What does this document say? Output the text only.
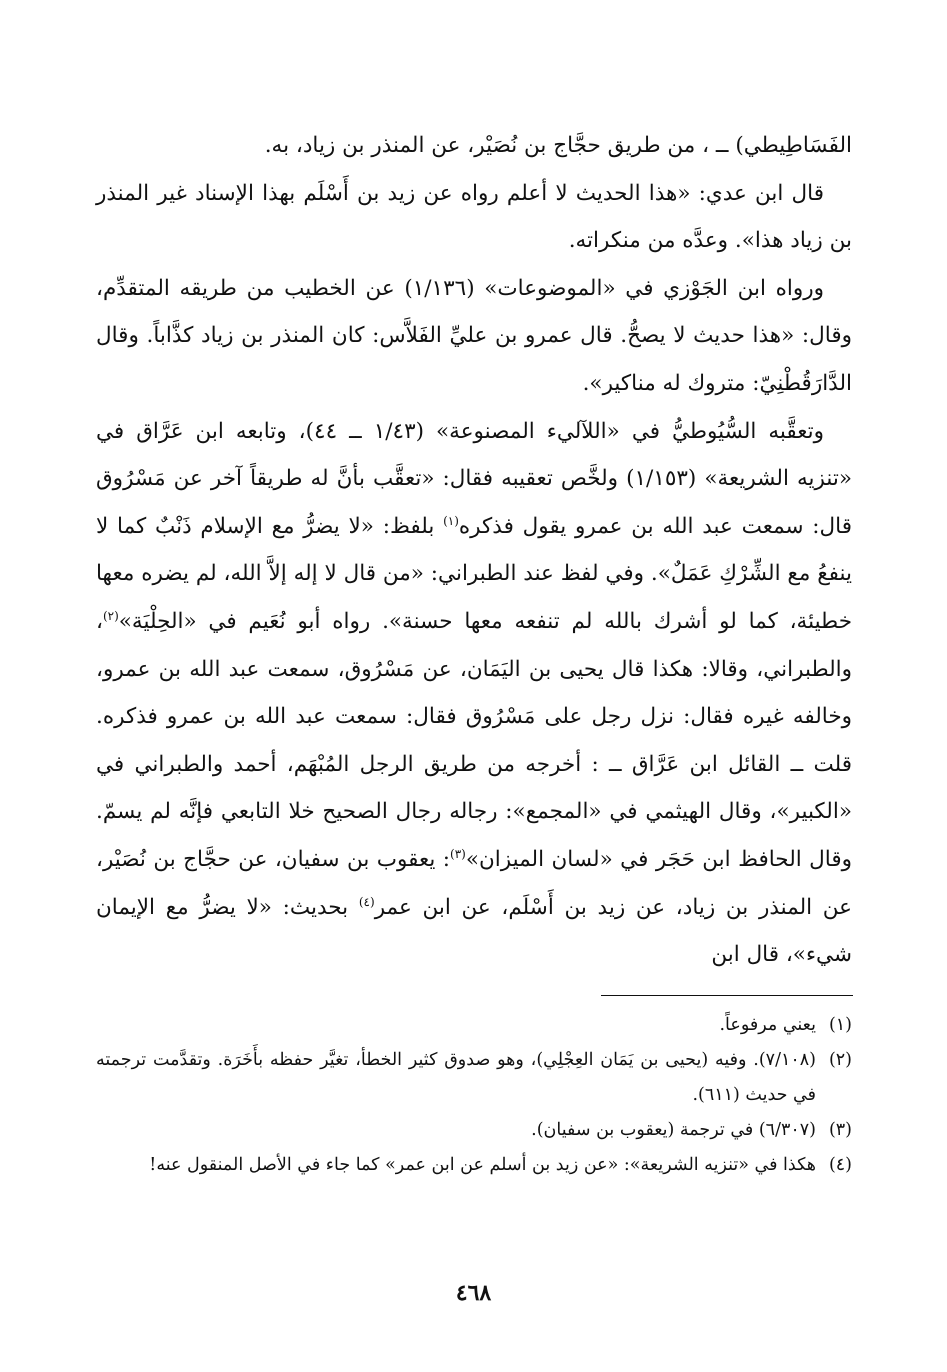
الفَسَاطِيطي) ــ ، من طريق حجَّاج بن نُصَيْر، عن المنذر بن زياد، به.

قال ابن عدي: «هذا الحديث لا أعلم رواه عن زيد بن أَسْلَم بهذا الإسناد غير المنذر بن زياد هذا». وعدَّه من منكراته.

ورواه ابن الجَوْزي في «الموضوعات» (١/١٣٦) عن الخطيب من طريقه المتقدِّم، وقال: «هذا حديث لا يصحُّ. قال عمرو بن عليِّ الفَلاَّس: كان المنذر بن زياد كذَّاباً. وقال الدَّارَقُطْنِيّ: متروك له مناكير».

وتعقَّبه السُّيُوطيُّ في «اللآليء المصنوعة» (١/٤٣ ــ ٤٤)، وتابعه ابن عَرَّاق في «تنزيه الشريعة» (١/١٥٣) ولخَّص تعقيبه فقال: «تعقَّب بأنَّ له طريقاً آخر عن مَسْرُوق قال: سمعت عبد الله بن عمرو يقول فذكره$^{(١)}$ بلفظ: «لا يضرُّ مع الإسلام ذَنْبٌ كما لا ينفعُ مع الشِّرْكِ عَمَلٌ». وفي لفظ عند الطبراني: «من قال لا إله إلاَّ الله، لم يضره معها خطيئة، كما لو أشرك بالله لم تنفعه معها حسنة». رواه أبو نُعَيم في «الحِلْيَة»$^{(٢)}$، والطبراني، وقالا: هكذا قال يحيى بن اليَمَان، عن مَسْرُوق، سمعت عبد الله بن عمرو، وخالفه غيره فقال: نزل رجل على مَسْرُوق فقال: سمعت عبد الله بن عمرو فذكره. قلت ــ القائل ابن عَرَّاق ــ : أخرجه من طريق الرجل المُبْهَم، أحمد والطبراني في «الكبير»، وقال الهيثمي في «المجمع»: رجاله رجال الصحيح خلا التابعي فإنَّه لم يسمّ. وقال الحافظ ابن حَجَر في «لسان الميزان»$^{(٣)}$: يعقوب بن سفيان، عن حجَّاج بن نُصَيْر، عن المنذر بن زياد، عن زيد بن أَسْلَم، عن ابن عمر$^{(٤)}$ بحديث: «لا يضرُّ مع الإيمان شيء»، قال ابن

(١)
يعني مرفوعاً.
(٢)
(٧/١٠٨). وفيه (يحيى بن يَمَان العِجْلِي)، وهو صدوق كثير الخطأ، تغيَّر حفظه بأَخَرَة. وتقدَّمت ترجمته في حديث (٦١١).
(٣)
(٦/٣٠٧) في ترجمة (يعقوب بن سفيان).
(٤)
هكذا في «تنزيه الشريعة»: «عن زيد بن أسلم عن ابن عمر» كما جاء في الأصل المنقول عنه!
٤٦٨
